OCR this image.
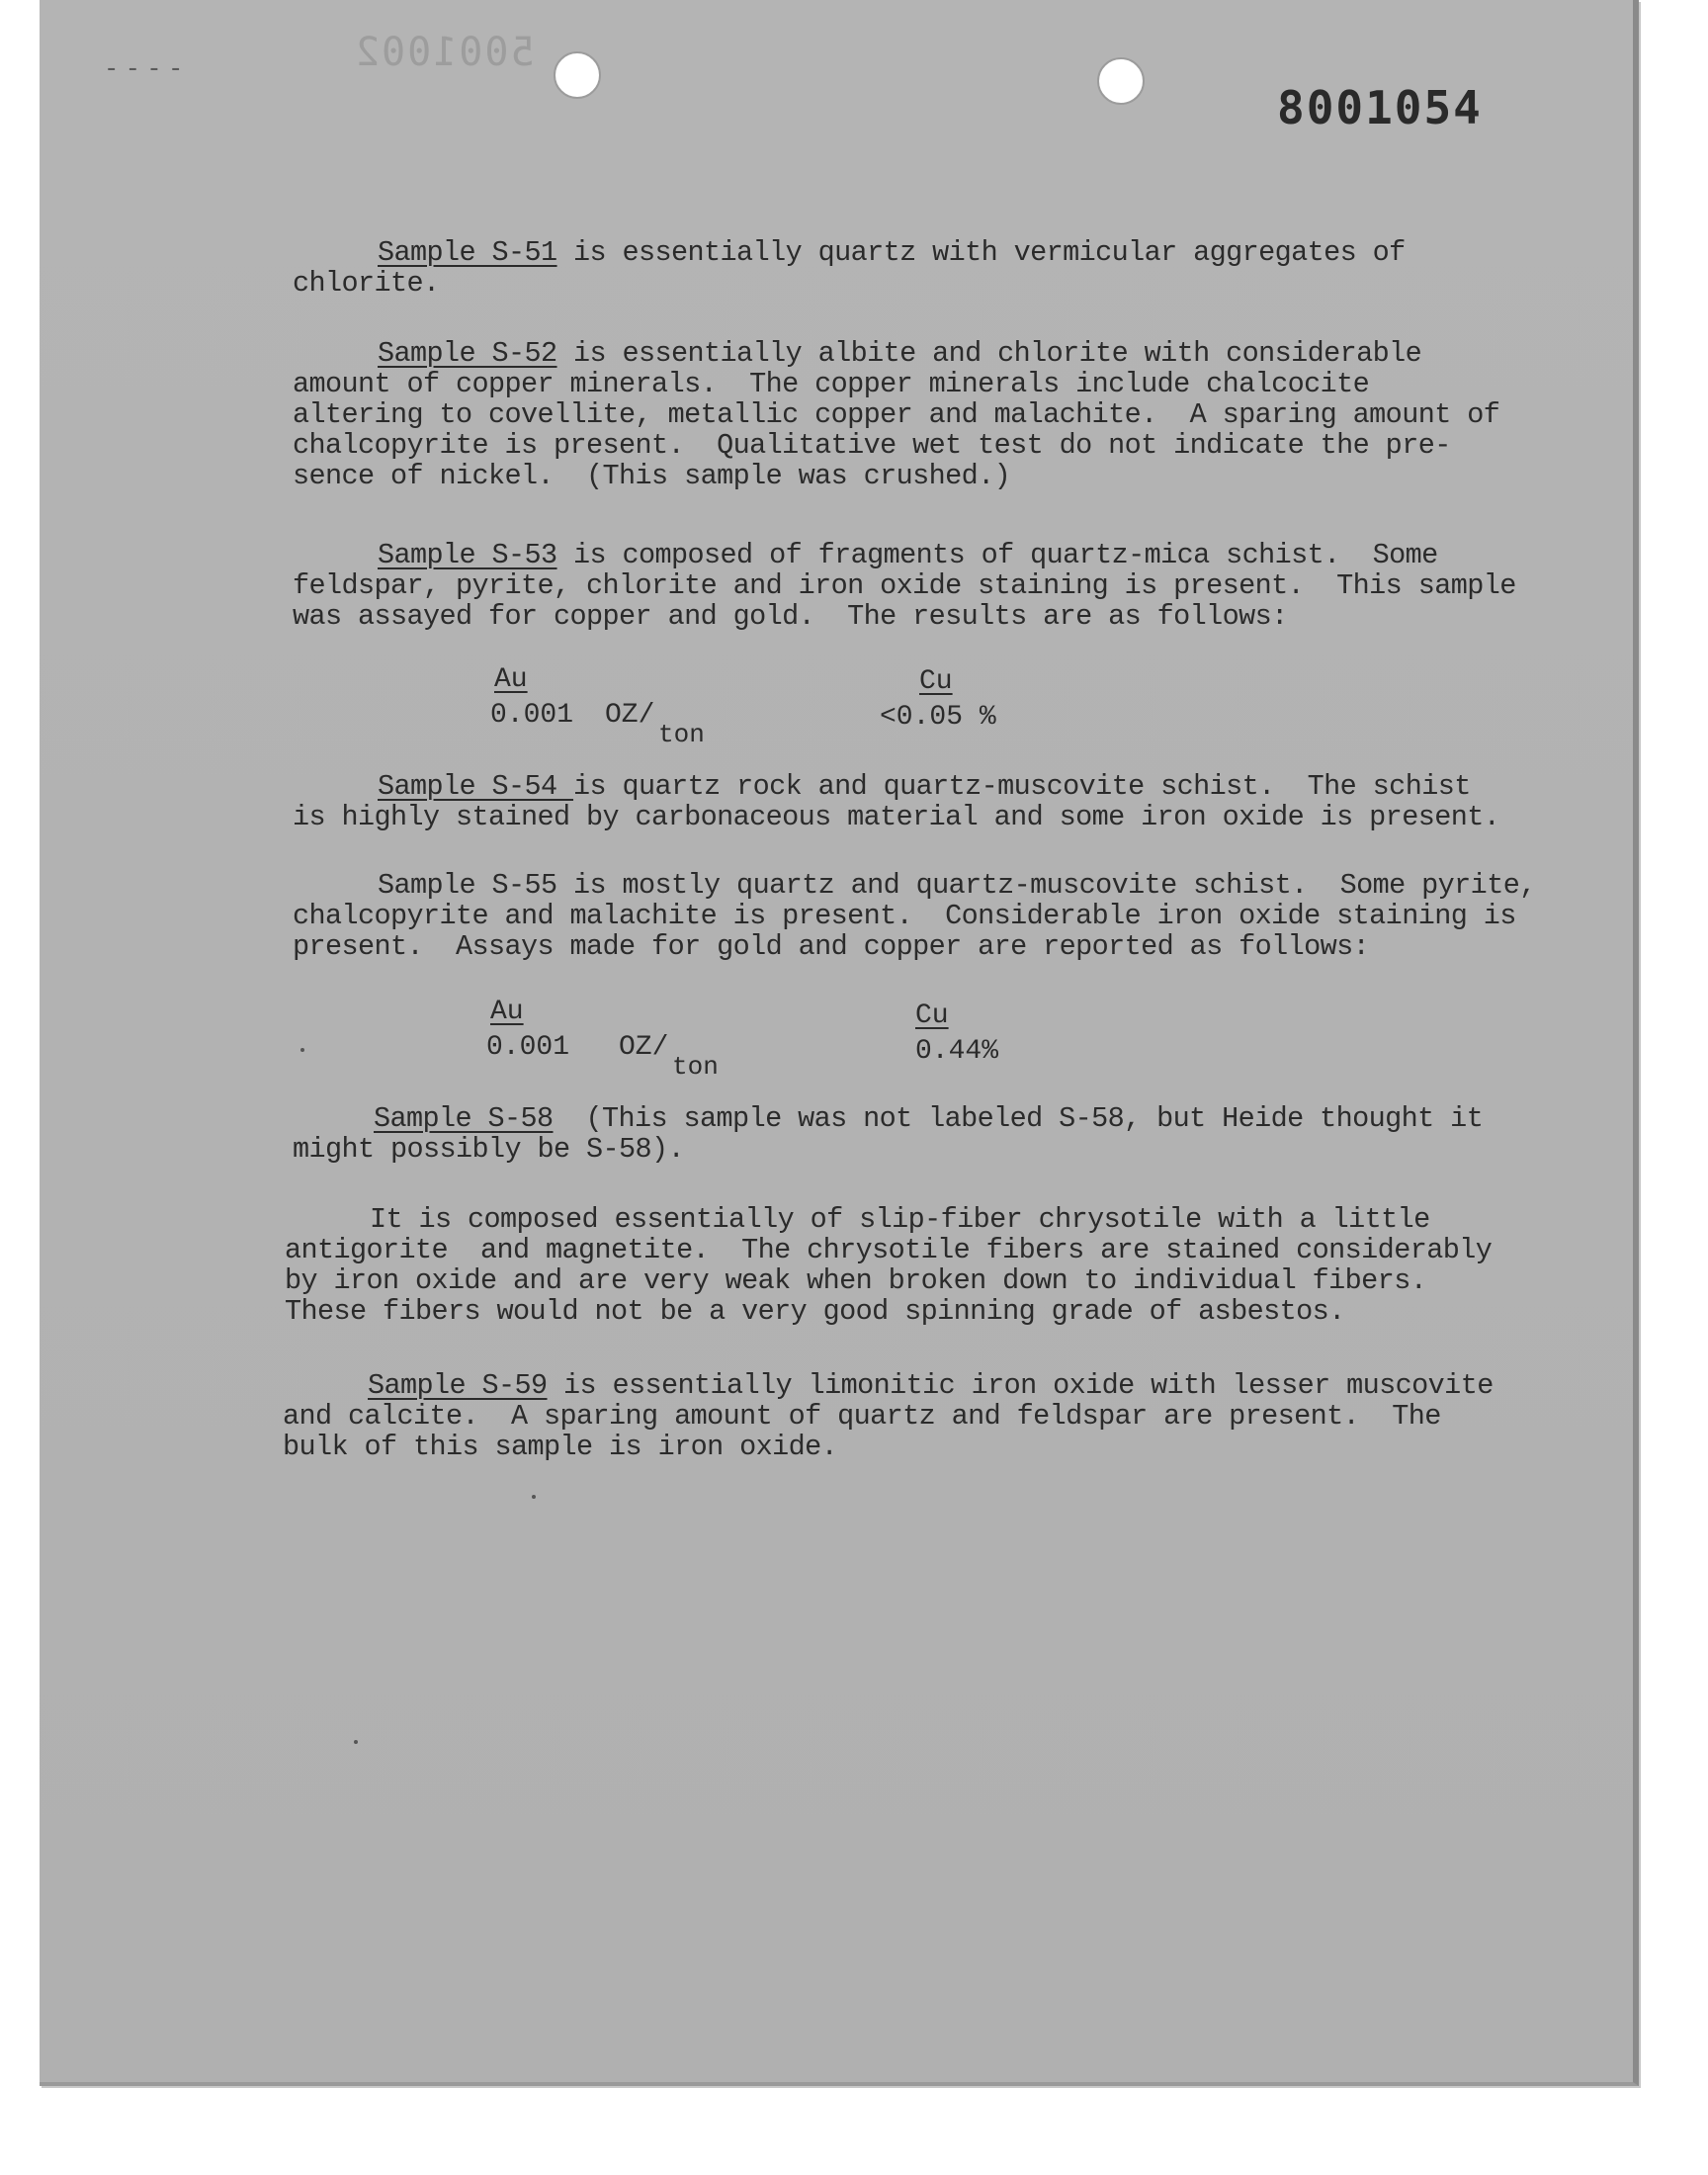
- - - -	5001002
8001054
Sample S-51 is essentially quartz with vermicular aggregates of
chlorite.
Sample S-52 is essentially albite and chlorite with considerable
amount of copper minerals.  The copper minerals include chalcocite
altering to covellite, metallic copper and malachite.  A sparing amount of
chalcopyrite is present.  Qualitative wet test do not indicate the pre-
sence of nickel.  (This sample was crushed.)
Sample S-53 is composed of fragments of quartz-mica schist.  Some
feldspar, pyrite, chlorite and iron oxide staining is present.  This sample
was assayed for copper and gold.  The results are as follows:
Au
0.001 OZ/
ton
Cu
<0.05 %
Sample S-54 is quartz rock and quartz-muscovite schist.  The schist
is highly stained by carbonaceous material and some iron oxide is present.
Sample S-55 is mostly quartz and quartz-muscovite schist.  Some pyrite,
chalcopyrite and malachite is present.  Considerable iron oxide staining is
present.  Assays made for gold and copper are reported as follows:
Au
0.001 OZ/
ton
Cu
0.44%
Sample S-58  (This sample was not labeled S-58, but Heide thought it
might possibly be S-58).
It is composed essentially of slip-fiber chrysotile with a little
antigorite  and magnetite.  The chrysotile fibers are stained considerably
by iron oxide and are very weak when broken down to individual fibers.
These fibers would not be a very good spinning grade of asbestos.
Sample S-59 is essentially limonitic iron oxide with lesser muscovite
and calcite.  A sparing amount of quartz and feldspar are present.  The
bulk of this sample is iron oxide.
